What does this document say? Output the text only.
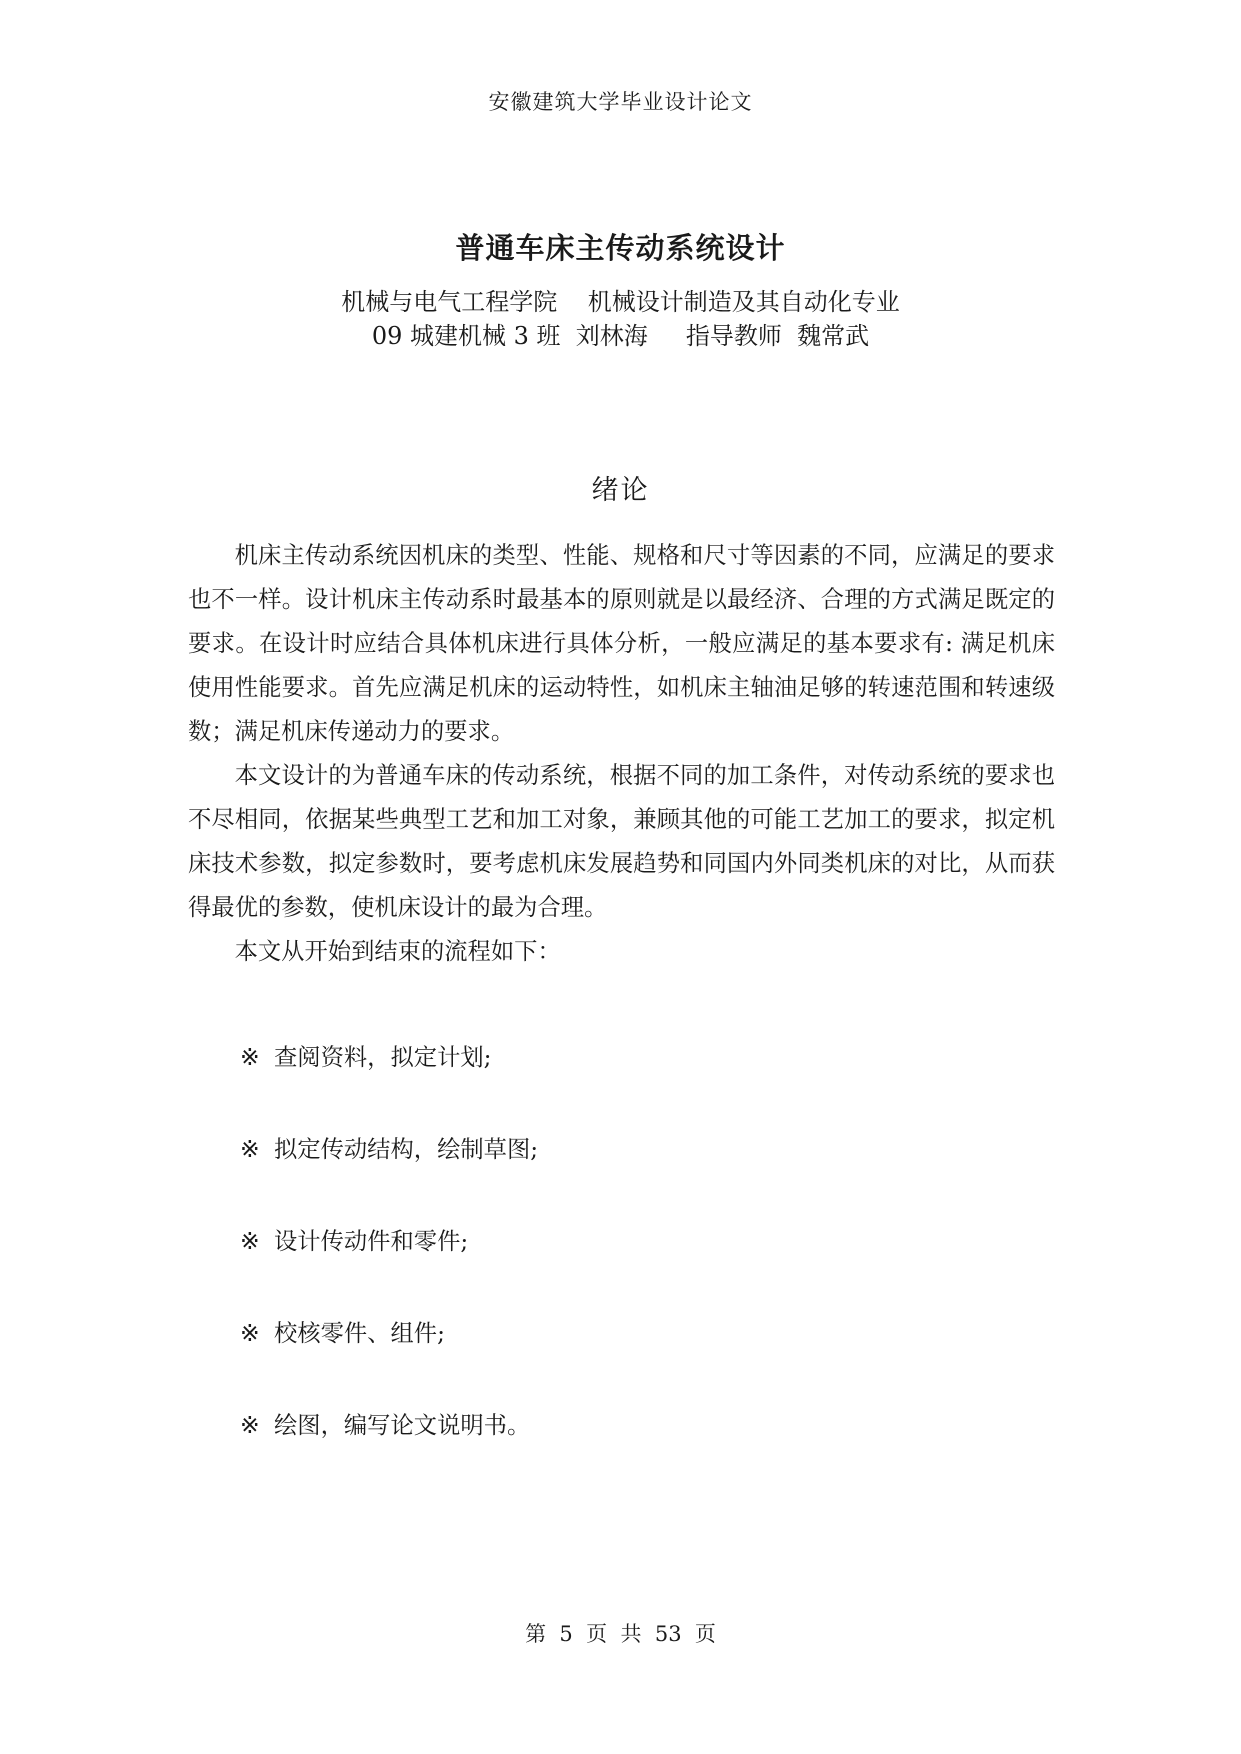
安徽建筑大学毕业设计论文
普通车床主传动系统设计
机械与电气工程学院    机械设计制造及其自动化专业
09 城建机械 3 班  刘林海     指导教师  魏常武
绪论

机床主传动系统因机床的类型、性能、规格和尺寸等因素的不同，应满足的要求也不一样。设计机床主传动系时最基本的原则就是以最经济、合理的方式满足既定的要求。在设计时应结合具体机床进行具体分析，一般应满足的基本要求有: 满足机床使用性能要求。首先应满足机床的运动特性，如机床主轴油足够的转速范围和转速级数；满足机床传递动力的要求。

本文设计的为普通车床的传动系统，根据不同的加工条件，对传动系统的要求也不尽相同，依据某些典型工艺和加工对象，兼顾其他的可能工艺加工的要求，拟定机床技术参数，拟定参数时，要考虑机床发展趋势和同国内外同类机床的对比，从而获得最优的参数，使机床设计的最为合理。

本文从开始到结束的流程如下：

※ 查阅资料，拟定计划;
※ 拟定传动结构，绘制草图;
※ 设计传动件和零件;
※ 校核零件、组件;
※ 绘图，编写论文说明书。
第  5  页  共  53  页
